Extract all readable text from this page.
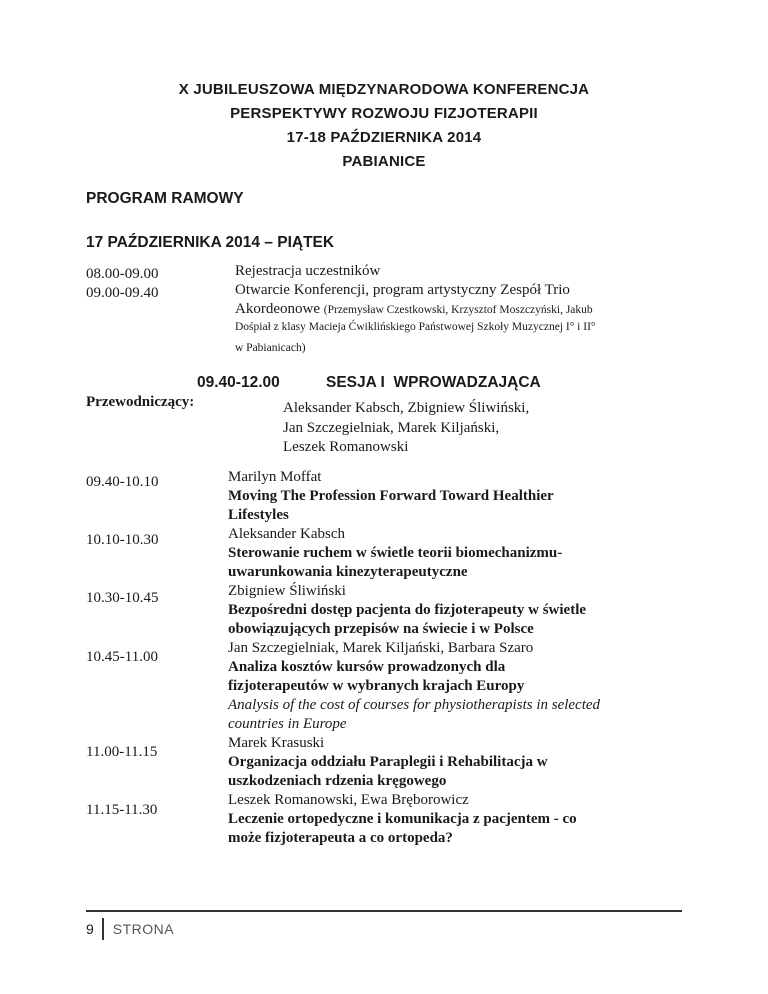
X JUBILEUSZOWA MIĘDZYNARODOWA KONFERENCJA
PERSPEKTYWY ROZWOJU FIZJOTERAPII
17-18 PAŹDZIERNIKA 2014
PABIANICE
PROGRAM RAMOWY
17 PAŹDZIERNIKA 2014 – PIĄTEK
08.00-09.00
09.00-09.40
Rejestracja uczestników
Otwarcie Konferencji, program artystyczny Zespół Trio
Akordeonowe (Przemysław Czestkowski, Krzysztof Moszczyński, Jakub
Dośpiał z klasy Macieja Ćwiklińskiego Państwowej Szkoły Muzycznej I° i II°
w Pabianicach)
09.40-12.00	SESJA I  WPROWADZAJĄCA
Przewodniczący:	Aleksander Kabsch, Zbigniew Śliwiński,
Jan Szczegielniak, Marek Kiljański,
Leszek Romanowski
09.40-10.10
10.10-10.30
10.30-10.45
10.45-11.00
11.00-11.15
11.15-11.30
Marilyn Moffat
Moving The Profession Forward Toward Healthier
Lifestyles
Aleksander Kabsch
Sterowanie ruchem w świetle teorii biomechanizmu-
uwarunkowania kinezyterapeutyczne
Zbigniew Śliwiński
Bezpośredni dostęp pacjenta do fizjoterapeuty w świetle
obowiązujących przepisów na świecie i w Polsce
Jan Szczegielniak, Marek Kiljański, Barbara Szaro
Analiza kosztów kursów prowadzonych dla
fizjoterapeutów w wybranych krajach Europy
Analysis of the cost of courses for physiotherapists in selected
countries in Europe
Marek Krasuski
Organizacja oddziału Paraplegii i Rehabilitacja w
uszkodzeniach rdzenia kręgowego
Leszek Romanowski, Ewa Bręborowicz
Leczenie ortopedyczne i komunikacja z pacjentem - co
może fizjoterapeuta a co ortopeda?
9 STRONA
